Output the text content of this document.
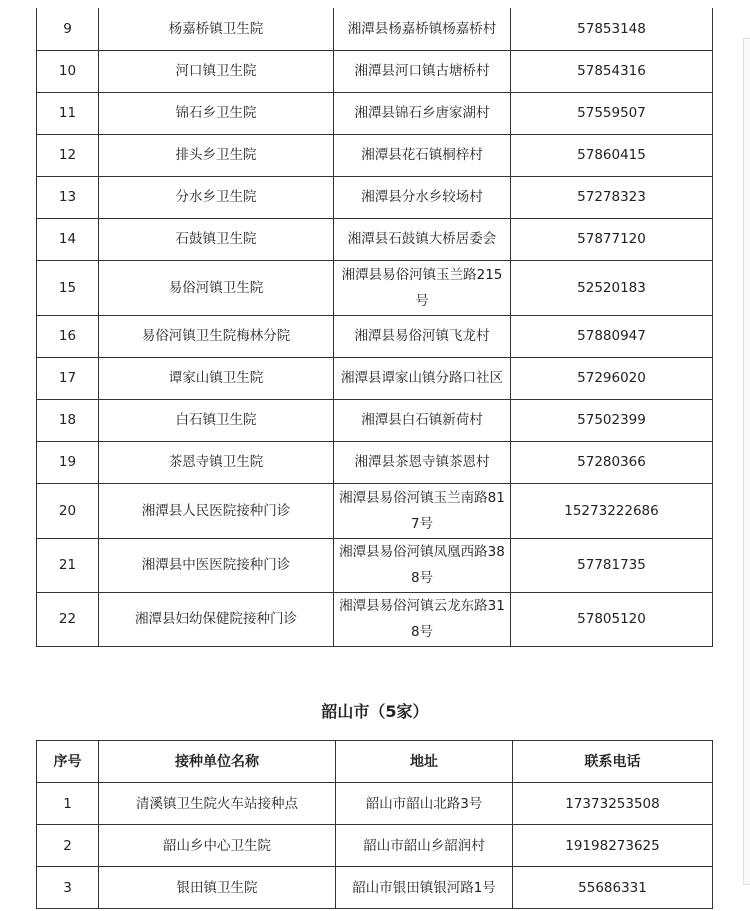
9	杨嘉桥镇卫生院	湘潭县杨嘉桥镇杨嘉桥村	57853148
10	河口镇卫生院	湘潭县河口镇古塘桥村	57854316
11	锦石乡卫生院	湘潭县锦石乡唐家湖村	57559507
12	排头乡卫生院	湘潭县花石镇桐梓村	57860415
13	分水乡卫生院	湘潭县分水乡较场村	57278323
14	石鼓镇卫生院	湘潭县石鼓镇大桥居委会	57877120
15	易俗河镇卫生院	湘潭县易俗河镇玉兰路215号	52520183
16	易俗河镇卫生院梅林分院	湘潭县易俗河镇飞龙村	57880947
17	谭家山镇卫生院	湘潭县谭家山镇分路口社区	57296020
18	白石镇卫生院	湘潭县白石镇新荷村	57502399
19	茶恩寺镇卫生院	湘潭县茶恩寺镇茶恩村	57280366
20	湘潭县人民医院接种门诊	湘潭县易俗河镇玉兰南路817号	15273222686
21	湘潭县中医医院接种门诊	湘潭县易俗河镇凤凰西路388号	57781735
22	湘潭县妇幼保健院接种门诊	湘潭县易俗河镇云龙东路318号	57805120
韶山市（5家）
序号	接种单位名称	地址	联系电话
1	清溪镇卫生院火车站接种点	韶山市韶山北路3号	17373253508
2	韶山乡中心卫生院	韶山市韶山乡韶润村	19198273625
3	银田镇卫生院	韶山市银田镇银河路1号	55686331
